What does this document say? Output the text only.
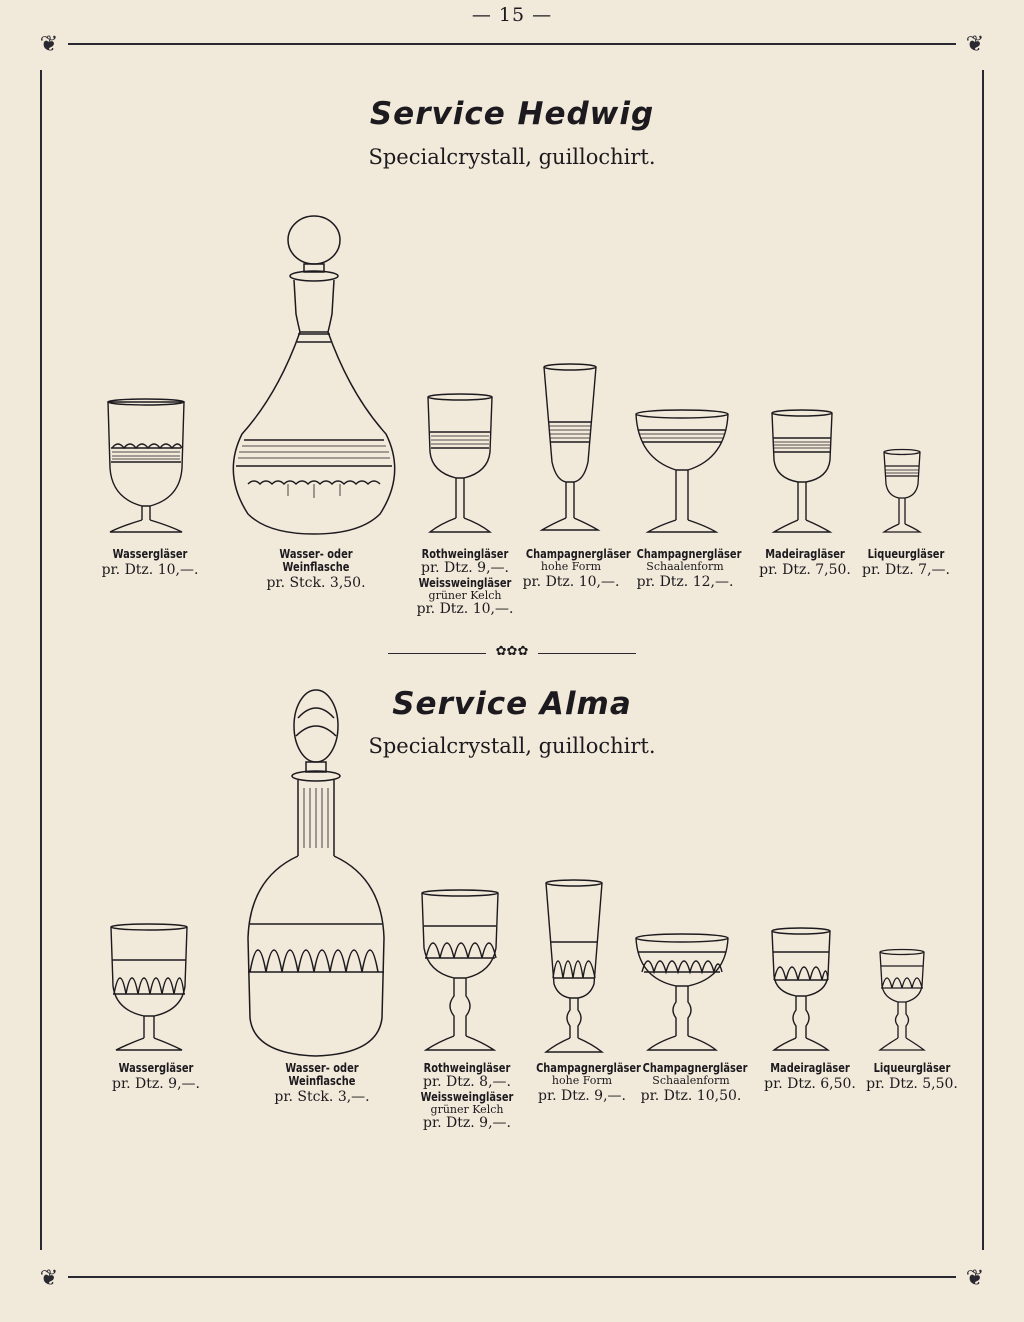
— 15 —
❦	❦
❦	❦
Service Hedwig
Specialcrystall, guillochirt.
Wassergläser
pr. Dtz. 10,—.
Wasser- oder
Weinflasche
pr. Stck. 3,50.
Rothweingläser
pr. Dtz. 9,—.
Weissweingläser
grüner Kelch
pr. Dtz. 10,—.
Champagnergläser
hohe Form
pr. Dtz. 10,—.
Champagnergläser
Schaalenform
pr. Dtz. 12,—.
Madeiragläser
pr. Dtz. 7,50.
Liqueurgläser
pr. Dtz. 7,—.
✿✿✿
Service Alma
Specialcrystall, guillochirt.
Wassergläser
pr. Dtz. 9,—.
Wasser- oder
Weinflasche
pr. Stck. 3,—.
Rothweingläser
pr. Dtz. 8,—.
Weissweingläser
grüner Kelch
pr. Dtz. 9,—.
Champagnergläser
hohe Form
pr. Dtz. 9,—.
Champagnergläser
Schaalenform
pr. Dtz. 10,50.
Madeiragläser
pr. Dtz. 6,50.
Liqueurgläser
pr. Dtz. 5,50.
